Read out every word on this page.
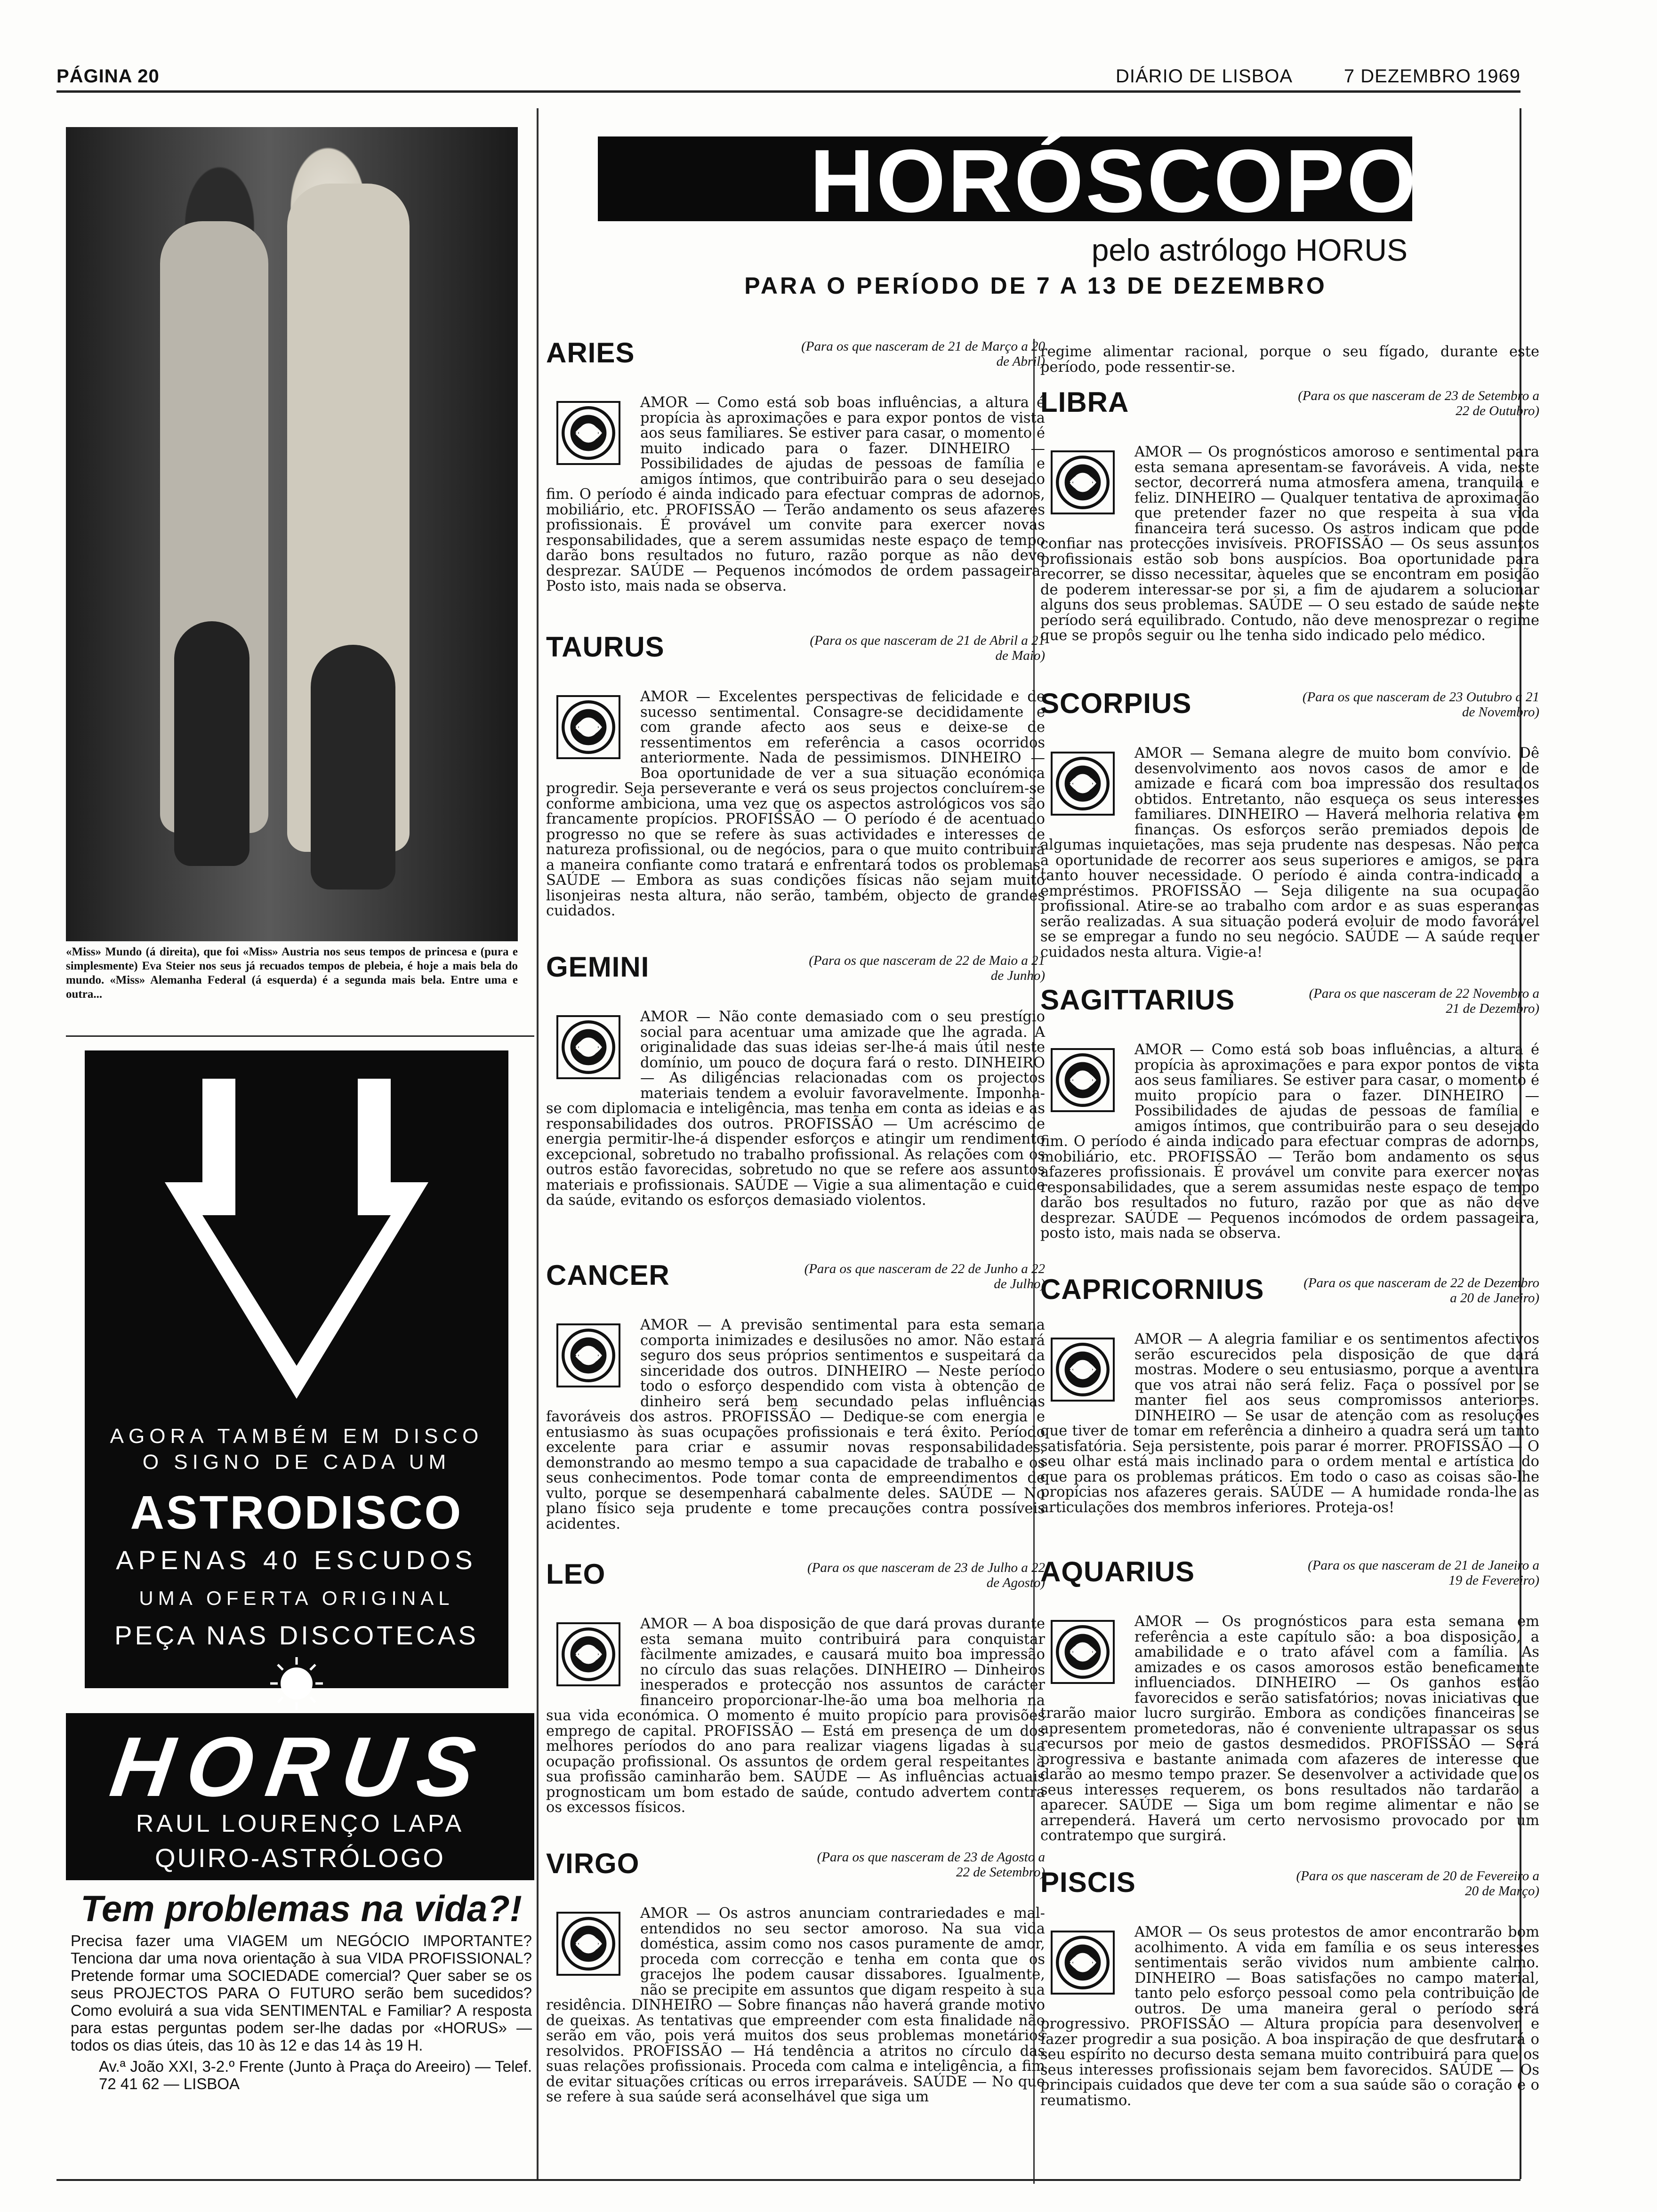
PÁGINA 20	DIÁRIO DE LISBOA	7 DEZEMBRO 1969
«Miss» Mundo (á direita), que foi «Miss» Austria nos seus tempos de princesa e (pura e simplesmente) Eva Steier nos seus já recuados tempos de plebeia, é hoje a mais bela do mundo. «Miss» Alemanha Federal (á esquerda) é a segunda mais bela. Entre uma e outra...
AGORA TAMBÉM EM DISCO
O SIGNO DE CADA UM
ASTRODISCO
APENAS 40 ESCUDOS
UMA OFERTA ORIGINAL
PEÇA NAS DISCOTECAS
HORUS
RAUL LOURENÇO LAPA
QUIRO-ASTRÓLOGO
Tem problemas na vida?!
Precisa fazer uma VIAGEM um NEGÓCIO IMPORTANTE? Tenciona dar uma nova orientação à sua VIDA PROFISSIONAL? Pretende formar uma SOCIEDADE comercial? Quer saber se os seus PROJECTOS PARA O FUTURO serão bem sucedidos? Como evoluirá a sua vida SENTIMENTAL e Familiar? A resposta para estas perguntas podem ser-lhe dadas por «HORUS» — todos os dias úteis, das 10 às 12 e das 14 às 19 H.
Av.ª João XXI, 3-2.º Frente (Junto à Praça do Areeiro) — Telef. 72 41 62 — LISBOA
HORÓSCOPO
pelo astrólogo HORUS
PARA O PERÍODO DE 7 A 13 DE DEZEMBRO
regime alimentar racional, porque o seu fígado, durante este período, pode ressentir-se.
AMOR — Como está sob boas influências, a altura é propícia às aproximações e para expor pontos de vista aos seus familiares. Se estiver para casar, o momento é muito indicado para o fazer. DINHEIRO — Possibilidades de ajudas de pessoas de família e amigos íntimos, que contribuirão para o seu desejado fim. O período é ainda indicado para efectuar compras de adornos, mobiliário, etc. PROFISSÃO — Terão andamento os seus afazeres profissionais. É provável um convite para exercer novas responsabilidades, que a serem assumidas neste espaço de tempo darão bons resultados no futuro, razão porque as não deve desprezar. SAÚDE — Pequenos incómodos de ordem passageira. Posto isto, mais nada se observa.
ARIES	(Para os que nasceram de 21 de Março a 20 de Abril)
AMOR — Excelentes perspectivas de felicidade e de sucesso sentimental. Consagre-se decididamente e com grande afecto aos seus e deixe-se de ressentimentos em referência a casos ocorridos anteriormente. Nada de pessimismos. DINHEIRO — Boa oportunidade de ver a sua situação económica progredir. Seja perseverante e verá os seus projectos concluírem-se conforme ambiciona, uma vez que os aspectos astrológicos vos são francamente propícios. PROFISSÃO — O período é de acentuado progresso no que se refere às suas actividades e interesses de natureza profissional, ou de negócios, para o que muito contribuirá a maneira confiante como tratará e enfrentará todos os problemas. SAÚDE — Embora as suas condições físicas não sejam muito lisonjeiras nesta altura, não serão, também, objecto de grandes cuidados.
TAURUS	(Para os que nasceram de 21 de Abril a 21 de Maio)
AMOR — Não conte demasiado com o seu prestígio social para acentuar uma amizade que lhe agrada. A originalidade das suas ideias ser-lhe-á mais útil neste domínio, um pouco de doçura fará o resto. DINHEIRO — As diligências relacionadas com os projectos materiais tendem a evoluir favoravelmente. Imponha-se com diplomacia e inteligência, mas tenha em conta as ideias e as responsabilidades dos outros. PROFISSÃO — Um acréscimo de energia permitir-lhe-á dispender esforços e atingir um rendimento excepcional, sobretudo no trabalho profissional. As relações com os outros estão favorecidas, sobretudo no que se refere aos assuntos materiais e profissionais. SAÚDE — Vigie a sua alimentação e cuide da saúde, evitando os esforços demasiado violentos.
GEMINI	(Para os que nasceram de 22 de Maio a 21 de Junho)
AMOR — A previsão sentimental para esta semana comporta inimizades e desilusões no amor. Não estará seguro dos seus próprios sentimentos e suspeitará da sinceridade dos outros. DINHEIRO — Neste período todo o esforço despendido com vista à obtenção de dinheiro será bem secundado pelas influências favoráveis dos astros. PROFISSÃO — Dedique-se com energia e entusiasmo às suas ocupações profissionais e terá êxito. Período excelente para criar e assumir novas responsabilidades, demonstrando ao mesmo tempo a sua capacidade de trabalho e os seus conhecimentos. Pode tomar conta de empreendimentos de vulto, porque se desempenhará cabalmente deles. SAÚDE — No plano físico seja prudente e tome precauções contra possíveis acidentes.
CANCER	(Para os que nasceram de 22 de Junho a 22 de Julho)
AMOR — A boa disposição de que dará provas durante esta semana muito contribuirá para conquistar fàcilmente amizades, e causará muito boa impressão no círculo das suas relações. DINHEIRO — Dinheiros inesperados e protecção nos assuntos de carácter financeiro proporcionar-lhe-ão uma boa melhoria na sua vida económica. O momento é muito propício para provisões emprego de capital. PROFISSÃO — Está em presença de um dos melhores períodos do ano para realizar viagens ligadas à sua ocupação profissional. Os assuntos de ordem geral respeitantes à sua profissão caminharão bem. SAÚDE — As influências actuais prognosticam um bom estado de saúde, contudo advertem contra os excessos físicos.
LEO	(Para os que nasceram de 23 de Julho a 22 de Agosto)
AMOR — Os astros anunciam contrariedades e mal-entendidos no seu sector amoroso. Na sua vida doméstica, assim como nos casos puramente de amor, proceda com correcção e tenha em conta que os gracejos lhe podem causar dissabores. Igualmente, não se precipite em assuntos que digam respeito à sua residência. DINHEIRO — Sobre finanças não haverá grande motivo de queixas. As tentativas que empreender com esta finalidade não serão em vão, pois verá muitos dos seus problemas monetários resolvidos. PROFISSÃO — Há tendência a atritos no círculo das suas relações profissionais. Proceda com calma e inteligência, a fim de evitar situações críticas ou erros irreparáveis. SAÚDE — No que se refere à sua saúde será aconselhável que siga um
VIRGO	(Para os que nasceram de 23 de Agosto a 22 de Setembro)
AMOR — Os prognósticos amoroso e sentimental para esta semana apresentam-se favoráveis. A vida, neste sector, decorrerá numa atmosfera amena, tranquila e feliz. DINHEIRO — Qualquer tentativa de aproximação que pretender fazer no que respeita à sua vida financeira terá sucesso. Os astros indicam que pode confiar nas protecções invisíveis. PROFISSÃO — Os seus assuntos profissionais estão sob bons auspícios. Boa oportunidade para recorrer, se disso necessitar, àqueles que se encontram em posição de poderem interessar-se por si, a fim de ajudarem a solucionar alguns dos seus problemas. SAÚDE — O seu estado de saúde neste período será equilibrado. Contudo, não deve menosprezar o regime que se propôs seguir ou lhe tenha sido indicado pelo médico.
LIBRA	(Para os que nasceram de 23 de Setembro a 22 de Outubro)
AMOR — Semana alegre de muito bom convívio. Dê desenvolvimento aos novos casos de amor e de amizade e ficará com boa impressão dos resultados obtidos. Entretanto, não esqueça os seus interesses familiares. DINHEIRO — Haverá melhoria relativa em finanças. Os esforços serão premiados depois de algumas inquietações, mas seja prudente nas despesas. Não perca a oportunidade de recorrer aos seus superiores e amigos, se para tanto houver necessidade. O período é ainda contra-indicado a empréstimos. PROFISSÃO — Seja diligente na sua ocupação profissional. Atire-se ao trabalho com ardor e as suas esperanças serão realizadas. A sua situação poderá evoluir de modo favorável se se empregar a fundo no seu negócio. SAÚDE — A saúde requer cuidados nesta altura. Vigie-a!
SCORPIUS	(Para os que nasceram de 23 Outubro a 21 de Novembro)
AMOR — Como está sob boas influências, a altura é propícia às aproximações e para expor pontos de vista aos seus familiares. Se estiver para casar, o momento é muito propício para o fazer. DINHEIRO — Possibilidades de ajudas de pessoas de família e amigos íntimos, que contribuirão para o seu desejado fim. O período é ainda indicado para efectuar compras de adornos, mobiliário, etc. PROFISSÃO — Terão bom andamento os seus afazeres profissionais. É provável um convite para exercer novas responsabilidades, que a serem assumidas neste espaço de tempo darão bos resultados no futuro, razão por que as não deve desprezar. SAÚDE — Pequenos incómodos de ordem passageira, posto isto, mais nada se observa.
SAGITTARIUS	(Para os que nasceram de 22 Novembro a 21 de Dezembro)
AMOR — A alegria familiar e os sentimentos afectivos serão escurecidos pela disposição de que dará mostras. Modere o seu entusiasmo, porque a aventura que vos atrai não será feliz. Faça o possível por se manter fiel aos seus compromissos anteriores. DINHEIRO — Se usar de atenção com as resoluções que tiver de tomar em referência a dinheiro a quadra será um tanto satisfatória. Seja persistente, pois parar é morrer. PROFISSÃO — O seu olhar está mais inclinado para o ordem mental e artística do que para os problemas práticos. Em todo o caso as coisas são-lhe propícias nos afazeres gerais. SAÚDE — A humidade ronda-lhe as articulações dos membros inferiores. Proteja-os!
CAPRICORNIUS	(Para os que nasceram de 22 de Dezembro a 20 de Janeiro)
AMOR — Os prognósticos para esta semana em referência a este capítulo são: a boa disposição, a amabilidade e o trato afável com a família. As amizades e os casos amorosos estão beneficamente influenciados. DINHEIRO — Os ganhos estão favorecidos e serão satisfatórios; novas iniciativas que trarão maior lucro surgirão. Embora as condições financeiras se apresentem prometedoras, não é conveniente ultrapassar os seus recursos por meio de gastos desmedidos. PROFISSÃO — Será progressiva e bastante animada com afazeres de interesse que darão ao mesmo tempo prazer. Se desenvolver a actividade que os seus interesses requerem, os bons resultados não tardarão a aparecer. SAÚDE — Siga um bom regime alimentar e não se arrependerá. Haverá um certo nervosismo provocado por um contratempo que surgirá.
AQUARIUS	(Para os que nasceram de 21 de Janeiro a 19 de Fevereiro)
AMOR — Os seus protestos de amor encontrarão bom acolhimento. A vida em família e os seus interesses sentimentais serão vividos num ambiente calmo. DINHEIRO — Boas satisfações no campo material, tanto pelo esforço pessoal como pela contribuição de outros. De uma maneira geral o período será progressivo. PROFISSÃO — Altura propícia para desenvolver e fazer progredir a sua posição. A boa inspiração de que desfrutará o seu espírito no decurso desta semana muito contribuirá para que os seus interesses profissionais sejam bem favorecidos. SAÚDE — Os principais cuidados que deve ter com a sua saúde são o coração e o reumatismo.
PISCIS	(Para os que nasceram de 20 de Fevereiro a 20 de Março)
